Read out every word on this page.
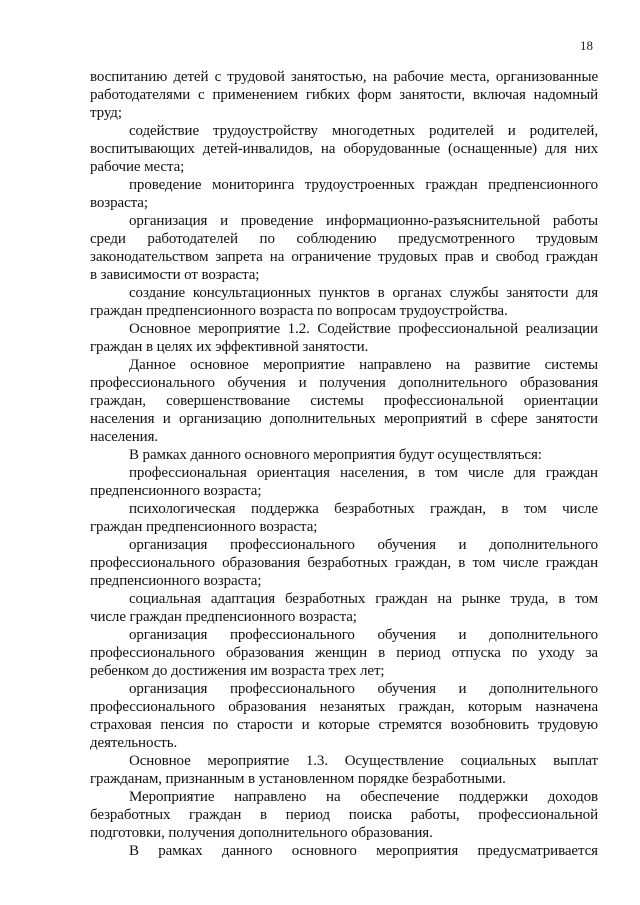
18
воспитанию детей с трудовой занятостью, на рабочие места, организованные
работодателями с применением гибких форм занятости, включая надомный
труд;
содействие трудоустройству многодетных родителей и родителей,
воспитывающих детей-инвалидов, на оборудованные (оснащенные) для них
рабочие места;
проведение мониторинга трудоустроенных граждан предпенсионного
возраста;
организация и проведение информационно-разъяснительной работы
среди работодателей по соблюдению предусмотренного трудовым
законодательством запрета на ограничение трудовых прав и свобод граждан
в зависимости от возраста;
создание консультационных пунктов в органах службы занятости для
граждан предпенсионного возраста по вопросам трудоустройства.
Основное мероприятие 1.2. Содействие профессиональной реализации
граждан в целях их эффективной занятости.
Данное основное мероприятие направлено на развитие системы
профессионального обучения и получения дополнительного образования
граждан, совершенствование системы профессиональной ориентации
населения и организацию дополнительных мероприятий в сфере занятости
населения.
В рамках данного основного мероприятия будут осуществляться:
профессиональная ориентация населения, в том числе для граждан
предпенсионного возраста;
психологическая поддержка безработных граждан, в том числе
граждан предпенсионного возраста;
организация профессионального обучения и дополнительного
профессионального образования безработных граждан, в том числе граждан
предпенсионного возраста;
социальная адаптация безработных граждан на рынке труда, в том
числе граждан предпенсионного возраста;
организация профессионального обучения и дополнительного
профессионального образования женщин в период отпуска по уходу за
ребенком до достижения им возраста трех лет;
организация профессионального обучения и дополнительного
профессионального образования незанятых граждан, которым назначена
страховая пенсия по старости и которые стремятся возобновить трудовую
деятельность.
Основное мероприятие 1.3. Осуществление социальных выплат
гражданам, признанным в установленном порядке безработными.
Мероприятие направлено на обеспечение поддержки доходов
безработных граждан в период поиска работы, профессиональной
подготовки, получения дополнительного образования.
В рамках данного основного мероприятия предусматривается
